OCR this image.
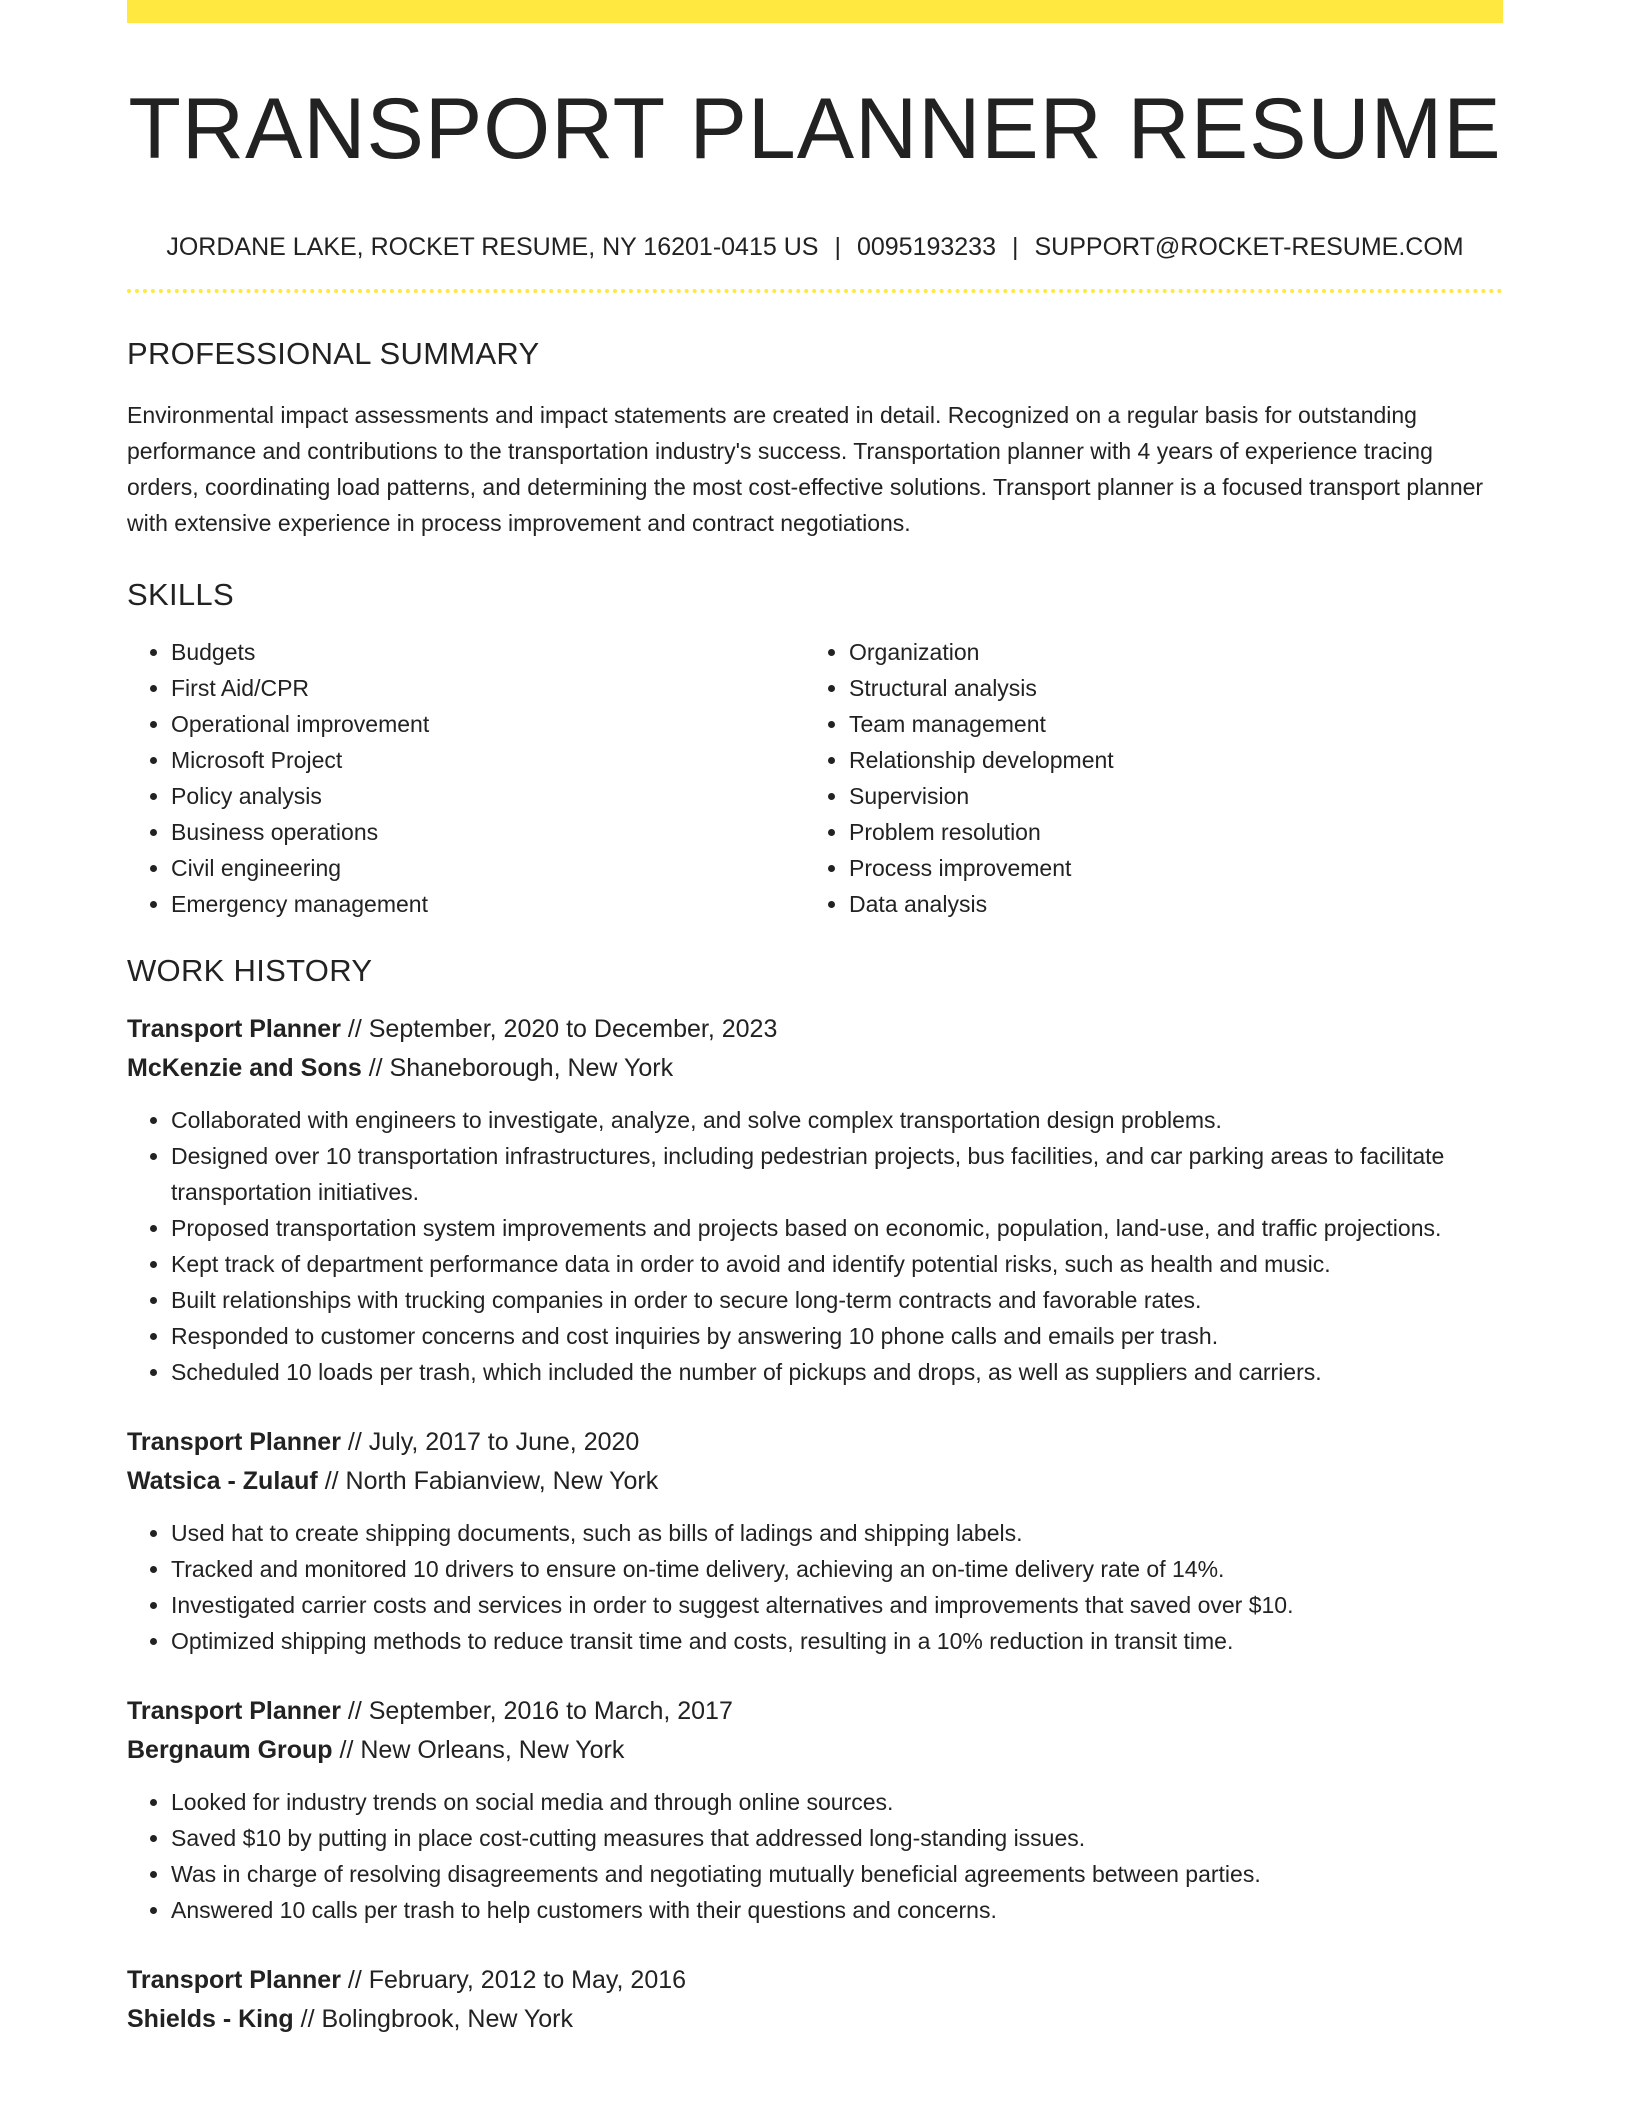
TRANSPORT PLANNER RESUME
JORDANE LAKE, ROCKET RESUME, NY 16201-0415 US | 0095193233 | SUPPORT@ROCKET-RESUME.COM
PROFESSIONAL SUMMARY

Environmental impact assessments and impact statements are created in detail. Recognized on a regular basis for outstanding performance and contributions to the transportation industry's success. Transportation planner with 4 years of experience tracing orders, coordinating load patterns, and determining the most cost-effective solutions. Transport planner is a focused transport planner with extensive experience in process improvement and contract negotiations.

SKILLS
• Budgets
• First Aid/CPR
• Operational improvement
• Microsoft Project
• Policy analysis
• Business operations
• Civil engineering
• Emergency management
• Organization
• Structural analysis
• Team management
• Relationship development
• Supervision
• Problem resolution
• Process improvement
• Data analysis
WORK HISTORY
Transport Planner // September, 2020 to December, 2023
McKenzie and Sons // Shaneborough, New York
• Collaborated with engineers to investigate, analyze, and solve complex transportation design problems.
• Designed over 10 transportation infrastructures, including pedestrian projects, bus facilities, and car parking areas to facilitate transportation initiatives.
• Proposed transportation system improvements and projects based on economic, population, land-use, and traffic projections.
• Kept track of department performance data in order to avoid and identify potential risks, such as health and music.
• Built relationships with trucking companies in order to secure long-term contracts and favorable rates.
• Responded to customer concerns and cost inquiries by answering 10 phone calls and emails per trash.
• Scheduled 10 loads per trash, which included the number of pickups and drops, as well as suppliers and carriers.
Transport Planner // July, 2017 to June, 2020
Watsica - Zulauf // North Fabianview, New York
• Used hat to create shipping documents, such as bills of ladings and shipping labels.
• Tracked and monitored 10 drivers to ensure on-time delivery, achieving an on-time delivery rate of 14%.
• Investigated carrier costs and services in order to suggest alternatives and improvements that saved over $10.
• Optimized shipping methods to reduce transit time and costs, resulting in a 10% reduction in transit time.
Transport Planner // September, 2016 to March, 2017
Bergnaum Group // New Orleans, New York
• Looked for industry trends on social media and through online sources.
• Saved $10 by putting in place cost-cutting measures that addressed long-standing issues.
• Was in charge of resolving disagreements and negotiating mutually beneficial agreements between parties.
• Answered 10 calls per trash to help customers with their questions and concerns.
Transport Planner // February, 2012 to May, 2016
Shields - King // Bolingbrook, New York
